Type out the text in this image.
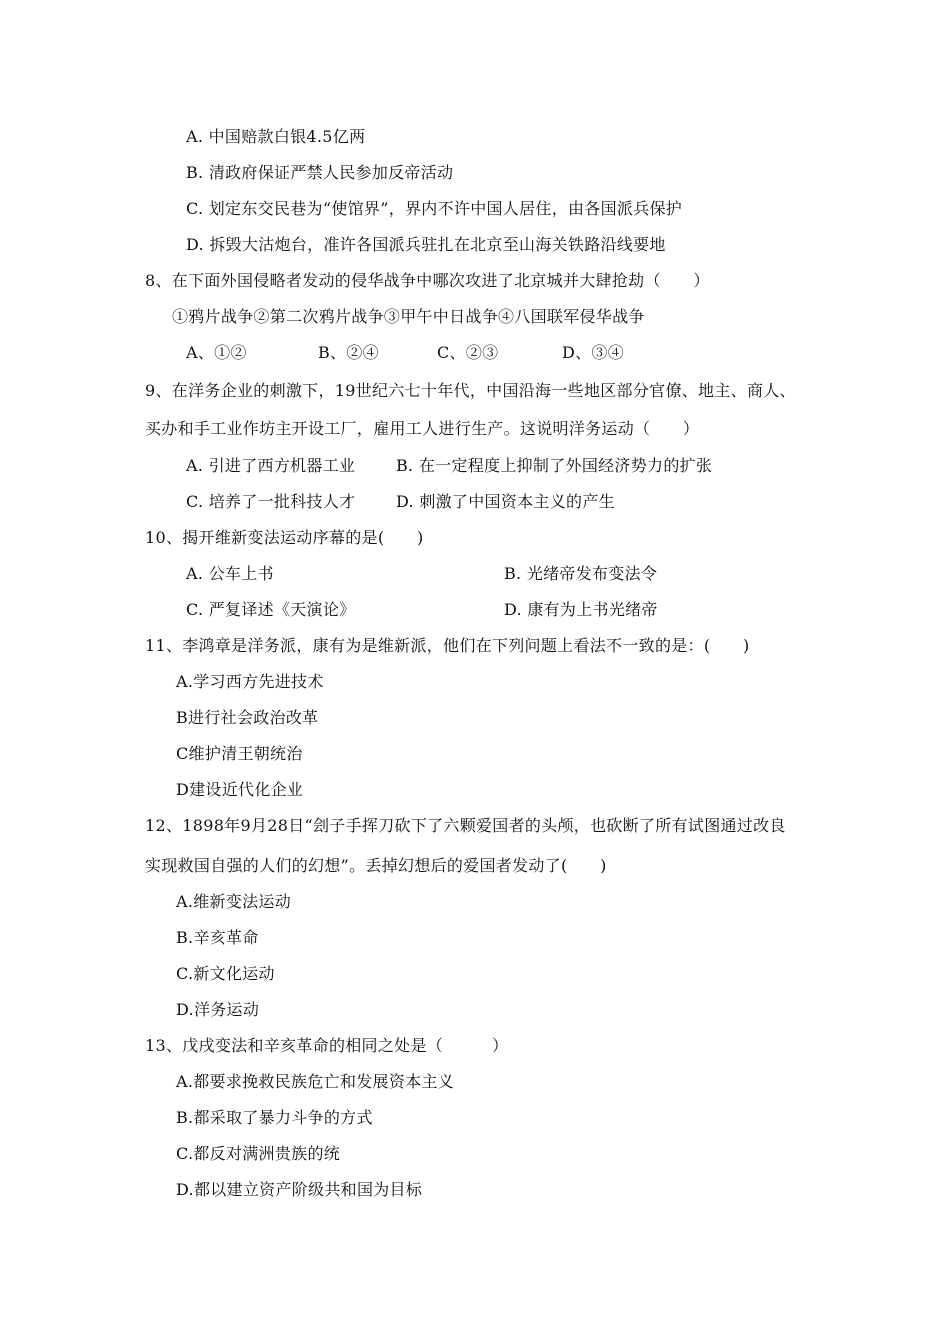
A. 中国赔款白银4.5亿两
B. 清政府保证严禁人民参加反帝活动
C. 划定东交民巷为“使馆界”，界内不许中国人居住，由各国派兵保护
D. 拆毁大沽炮台，准许各国派兵驻扎在北京至山海关铁路沿线要地
8、在下面外国侵略者发动的侵华战争中哪次攻进了北京城并大肆抢劫（　　）
①鸦片战争②第二次鸦片战争③甲午中日战争④八国联军侵华战争
A、①②	B、②④	C、②③	D、③④
9、在洋务企业的刺激下，19世纪六七十年代，中国沿海一些地区部分官僚、地主、商人、
买办和手工业作坊主开设工厂，雇用工人进行生产。这说明洋务运动（　　）
A. 引进了西方机器工业	B. 在一定程度上抑制了外国经济势力的扩张
C. 培养了一批科技人才	D. 刺激了中国资本主义的产生
10、揭开维新变法运动序幕的是(　　)
A. 公车上书	B. 光绪帝发布变法令
C. 严复译述《天演论》	D. 康有为上书光绪帝
11、李鸿章是洋务派，康有为是维新派，他们在下列问题上看法不一致的是：(　　)
A.学习西方先进技术
B进行社会政治改革
C维护清王朝统治
D建设近代化企业
12、1898年9月28日“刽子手挥刀砍下了六颗爱国者的头颅，也砍断了所有试图通过改良
实现救国自强的人们的幻想”。丢掉幻想后的爱国者发动了(　　)
A.维新变法运动
B.辛亥革命
C.新文化运动
D.洋务运动
13、戊戌变法和辛亥革命的相同之处是（　　　）
A.都要求挽救民族危亡和发展资本主义
B.都采取了暴力斗争的方式
C.都反对满洲贵族的统
D.都以建立资产阶级共和国为目标
